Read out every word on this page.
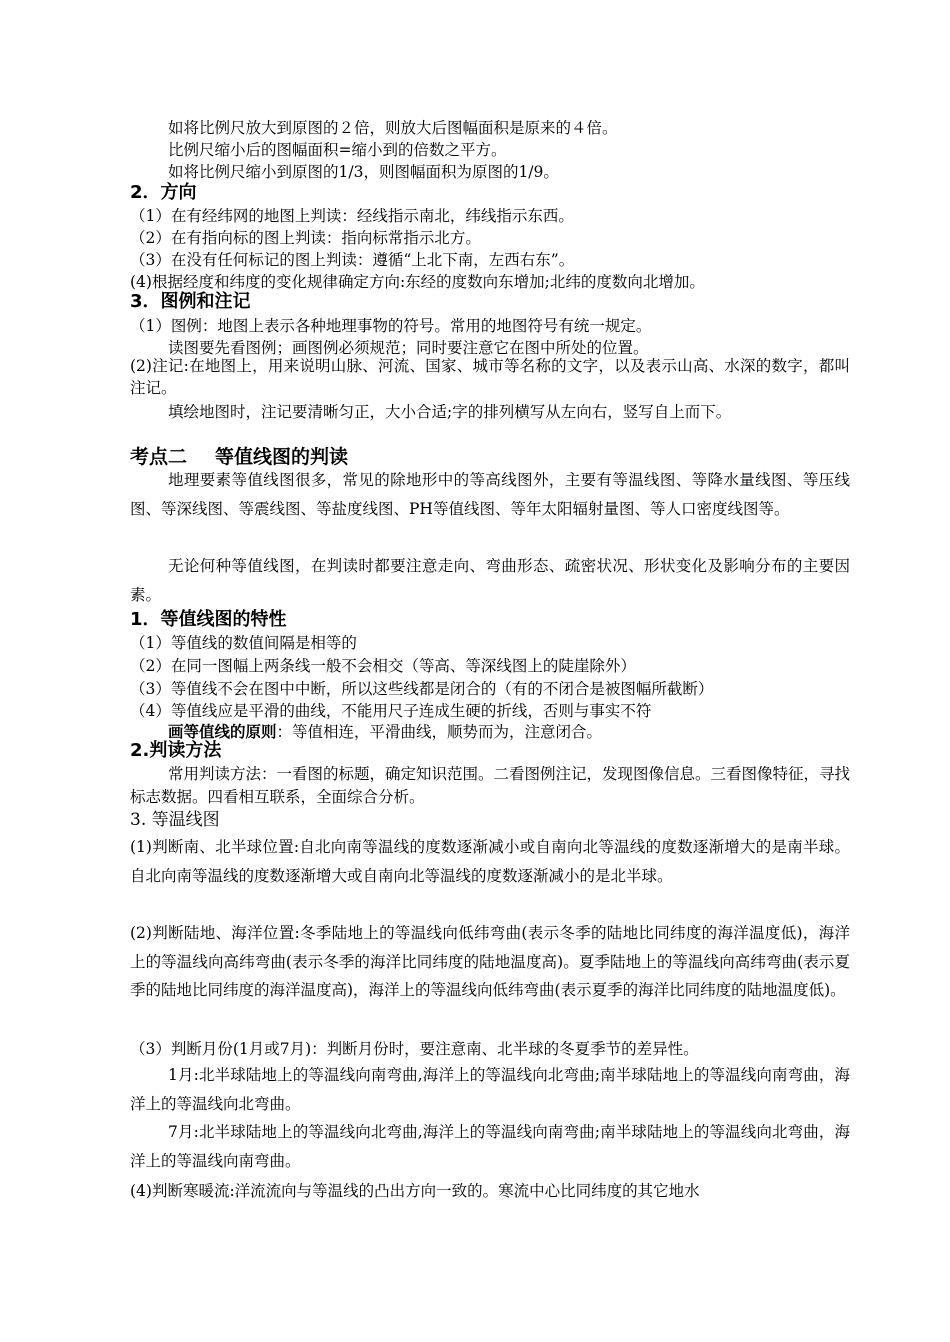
如将比例尺放大到原图的２倍，则放大后图幅面积是原来的４倍。
比例尺缩小后的图幅面积=缩小到的倍数之平方。
如将比例尺缩小到原图的1/3，则图幅面积为原图的1/9。
2．方向
（1）在有经纬网的地图上判读：经线指示南北，纬线指示东西。
（2）在有指向标的图上判读：指向标常指示北方。
（3）在没有任何标记的图上判读：遵循“上北下南，左西右东”。
(4)根据经度和纬度的变化规律确定方向:东经的度数向东增加;北纬的度数向北增加。
3．图例和注记
（1）图例：地图上表示各种地理事物的符号。常用的地图符号有统一规定。
读图要先看图例；画图例必须规范；同时要注意它在图中所处的位置。
(2)注记:在地图上，用来说明山脉、河流、国家、城市等名称的文字，以及表示山高、水深的数字，都叫注记。
填绘地图时，注记要清晰匀正，大小合适;字的排列横写从左向右，竖写自上而下。
考点二 等值线图的判读
地理要素等值线图很多，常见的除地形中的等高线图外，主要有等温线图、等降水量线图、等压线图、等深线图、等震线图、等盐度线图、PH等值线图、等年太阳辐射量图、等人口密度线图等。
无论何种等值线图，在判读时都要注意走向、弯曲形态、疏密状况、形状变化及影响分布的主要因素。
1．等值线图的特性
（1）等值线的数值间隔是相等的
（2）在同一图幅上两条线一般不会相交（等高、等深线图上的陡崖除外）
（3）等值线不会在图中中断，所以这些线都是闭合的（有的不闭合是被图幅所截断）
（4）等值线应是平滑的曲线，不能用尺子连成生硬的折线，否则与事实不符
画等值线的原则：等值相连，平滑曲线，顺势而为，注意闭合。
2.判读方法
常用判读方法：一看图的标题，确定知识范围。二看图例注记，发现图像信息。三看图像特征，寻找标志数据。四看相互联系，全面综合分析。
3. 等温线图
(1)判断南、北半球位置:自北向南等温线的度数逐渐减小或自南向北等温线的度数逐渐增大的是南半球。自北向南等温线的度数逐渐增大或自南向北等温线的度数逐渐减小的是北半球。
(2)判断陆地、海洋位置:冬季陆地上的等温线向低纬弯曲(表示冬季的陆地比同纬度的海洋温度低)，海洋上的等温线向高纬弯曲(表示冬季的海洋比同纬度的陆地温度高)。夏季陆地上的等温线向高纬弯曲(表示夏季的陆地比同纬度的海洋温度高)，海洋上的等温线向低纬弯曲(表示夏季的海洋比同纬度的陆地温度低)。
（3）判断月份(1月或7月)：判断月份时，要注意南、北半球的冬夏季节的差异性。
1月:北半球陆地上的等温线向南弯曲,海洋上的等温线向北弯曲;南半球陆地上的等温线向南弯曲，海洋上的等温线向北弯曲。
7月:北半球陆地上的等温线向北弯曲,海洋上的等温线向南弯曲;南半球陆地上的等温线向北弯曲，海洋上的等温线向南弯曲。
(4)判断寒暖流:洋流流向与等温线的凸出方向一致的。寒流中心比同纬度的其它地水
